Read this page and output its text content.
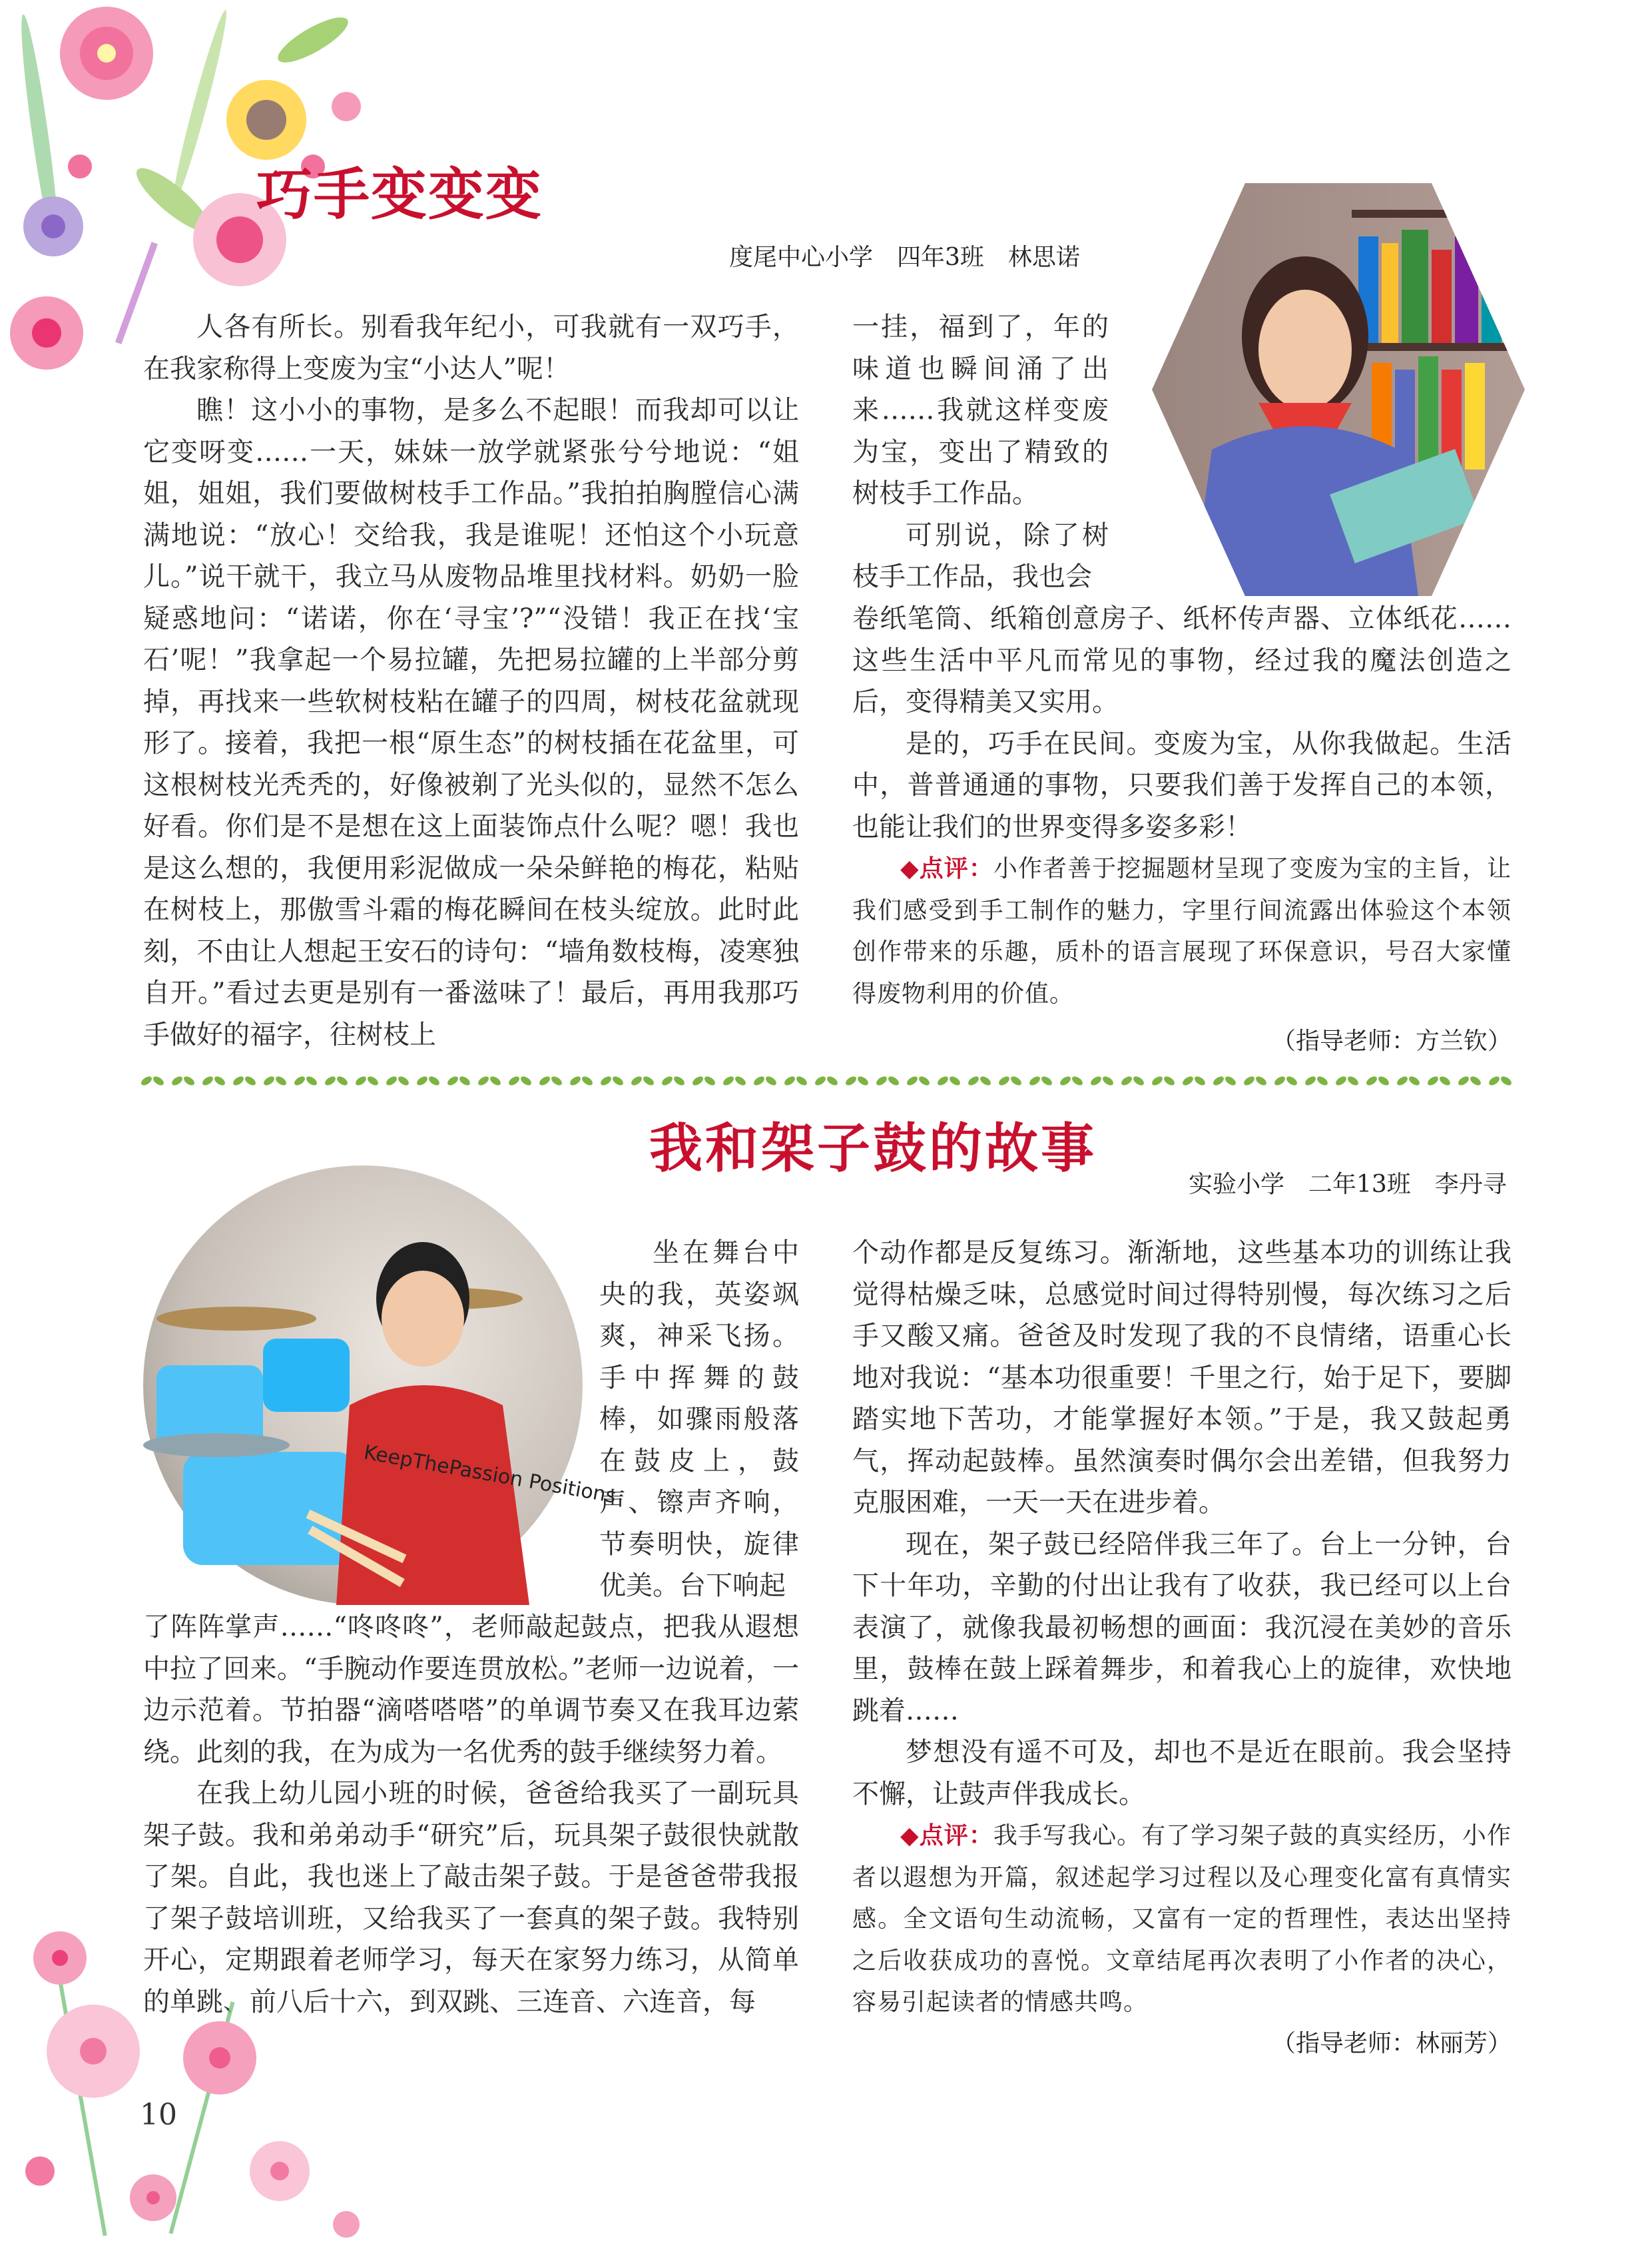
巧手变变变
度尾中心小学　四年3班　林思诺

人各有所长。别看我年纪小，可我就有一双巧手，在我家称得上变废为宝“小达人”呢！

瞧！这小小的事物，是多么不起眼！而我却可以让它变呀变……一天，妹妹一放学就紧张兮兮地说：“姐姐，姐姐，我们要做树枝手工作品。”我拍拍胸膛信心满满地说：“放心！交给我，我是谁呢！还怕这个小玩意儿。”说干就干，我立马从废物品堆里找材料。奶奶一脸疑惑地问：“诺诺，你在‘寻宝’?”“没错！我正在找‘宝石’呢！”我拿起一个易拉罐，先把易拉罐的上半部分剪掉，再找来一些软树枝粘在罐子的四周，树枝花盆就现形了。接着，我把一根“原生态”的树枝插在花盆里，可这根树枝光秃秃的，好像被剃了光头似的，显然不怎么好看。你们是不是想在这上面装饰点什么呢？嗯！我也是这么想的，我便用彩泥做成一朵朵鲜艳的梅花，粘贴在树枝上，那傲雪斗霜的梅花瞬间在枝头绽放。此时此刻，不由让人想起王安石的诗句：“墙角数枝梅，凌寒独自开。”看过去更是别有一番滋味了！最后，再用我那巧手做好的福字，往树枝上

一挂，福到了，年的味道也瞬间涌了出来……我就这样变废为宝，变出了精致的树枝手工作品。

可别说，除了树枝手工作品，我也会

卷纸笔筒、纸箱创意房子、纸杯传声器、立体纸花……这些生活中平凡而常见的事物，经过我的魔法创造之后，变得精美又实用。

是的，巧手在民间。变废为宝，从你我做起。生活中，普普通通的事物，只要我们善于发挥自己的本领，也能让我们的世界变得多姿多彩！

◆点评：小作者善于挖掘题材呈现了变废为宝的主旨，让我们感受到手工制作的魅力，字里行间流露出体验这个本领创作带来的乐趣，质朴的语言展现了环保意识，号召大家懂得废物利用的价值。
（指导老师：方兰钦）
我和架子鼓的故事
实验小学　二年13班　李丹寻
KeepThePassion Positions

坐在舞台中央的我，英姿飒爽，神采飞扬。手中挥舞的鼓棒，如骤雨般落在鼓皮上，鼓声、镲声齐响，节奏明快，旋律优美。台下响起

了阵阵掌声……“咚咚咚”，老师敲起鼓点，把我从遐想中拉了回来。“手腕动作要连贯放松。”老师一边说着，一边示范着。节拍器“滴嗒嗒嗒”的单调节奏又在我耳边萦绕。此刻的我，在为成为一名优秀的鼓手继续努力着。

在我上幼儿园小班的时候，爸爸给我买了一副玩具架子鼓。我和弟弟动手“研究”后，玩具架子鼓很快就散了架。自此，我也迷上了敲击架子鼓。于是爸爸带我报了架子鼓培训班，又给我买了一套真的架子鼓。我特别开心，定期跟着老师学习，每天在家努力练习，从简单的单跳、前八后十六，到双跳、三连音、六连音，每

个动作都是反复练习。渐渐地，这些基本功的训练让我觉得枯燥乏味，总感觉时间过得特别慢，每次练习之后手又酸又痛。爸爸及时发现了我的不良情绪，语重心长地对我说：“基本功很重要！千里之行，始于足下，要脚踏实地下苦功，才能掌握好本领。”于是，我又鼓起勇气，挥动起鼓棒。虽然演奏时偶尔会出差错，但我努力克服困难，一天一天在进步着。

现在，架子鼓已经陪伴我三年了。台上一分钟，台下十年功，辛勤的付出让我有了收获，我已经可以上台表演了，就像我最初畅想的画面：我沉浸在美妙的音乐里，鼓棒在鼓上踩着舞步，和着我心上的旋律，欢快地跳着……

梦想没有遥不可及，却也不是近在眼前。我会坚持不懈，让鼓声伴我成长。

◆点评：我手写我心。有了学习架子鼓的真实经历，小作者以遐想为开篇，叙述起学习过程以及心理变化富有真情实感。全文语句生动流畅，又富有一定的哲理性，表达出坚持之后收获成功的喜悦。文章结尾再次表明了小作者的决心，容易引起读者的情感共鸣。
（指导老师：林丽芳）
10
